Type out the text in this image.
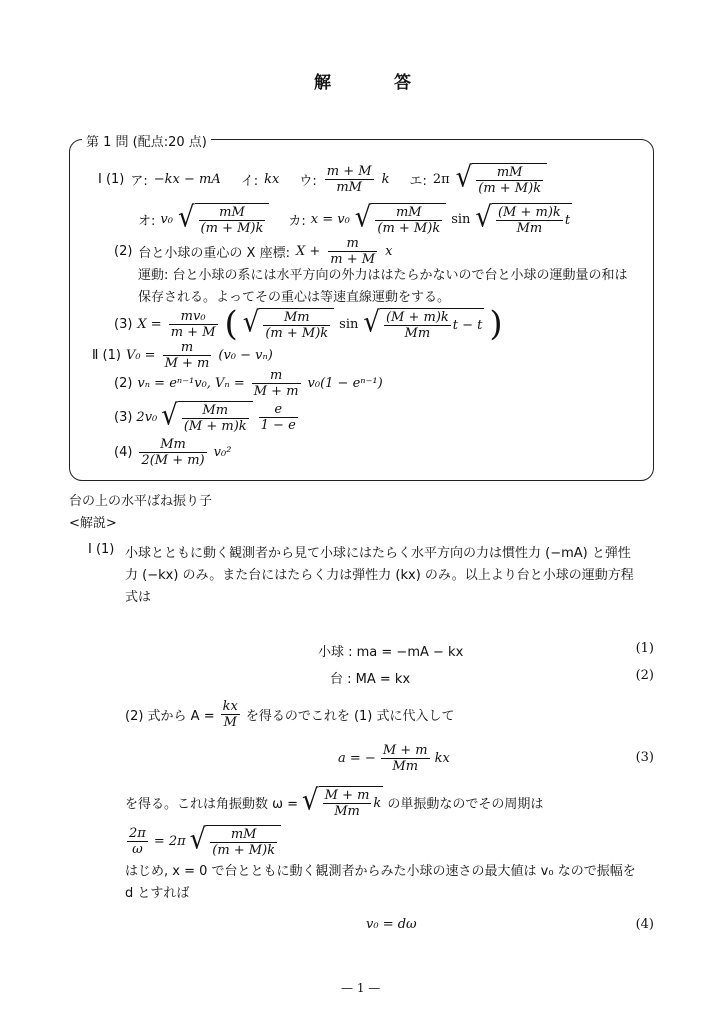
解	答
第 1 問 (配点:20 点)
Ⅰ (1) ア: −kx − mA イ: kx ウ: $\frac{m + M}{mM}$ k エ: 2π √ $\frac{mM}{(m + M)k}$
オ: v₀ √ $\frac{mM}{(m + M)k}$ カ: x = v₀ √ $\frac{mM}{(m + M)k}$ sin √ $\frac{(M + m)k}{Mm}$ t
(2) 台と小球の重心の X 座標: $X + \frac{m}{m + M}$ x
運動: 台と小球の系には水平方向の外力ははたらかないので台と小球の運動量の和は
保存される。よってその重心は等速直線運動をする。
(3) $X = \frac{\text{mv₀}}{m + M}$ ( √ $\frac{Mm}{(m + M)k}$ sin √ $\frac{(M + m)k}{Mm}$ t − t )
Ⅱ (1) $V_0 = \frac{m}{M + m} (v_0 - v_n)$
(2) vₙ = eⁿ⁻¹v₀, $V_n = \frac{m}{M + m} v_0(1 - e^{n-1})$
(3) 2v₀ √ $\frac{Mm}{(M + m)k} \frac{e}{1 - e}$
$(4) \frac{Mm}{2(M + m)} v_0^2$
台の上の水平ばね振り子
<解説>
Ⅰ (1) 小球とともに動く観測者から見て小球にはたらく水平方向の力は慣性力 (−mA) と弾性
力 (−kx) のみ。また台にはたらく力は弾性力 (kx) のみ。以上より台と小球の運動方程
式は
小球 : ma = −mA − kx	(1)
台 : MA = kx	(2)
(2) 式から $A = \frac{kx}{M}$ を得るのでこれを (1) 式に代入して
a = − $\frac{M + m}{Mm}$ kx	(3)
を得る。これは角振動数 ω = √ $\frac{M + m}{Mm}$ k の単振動なのでその周期は
$\frac{2\pi}{\omega} = 2\pi$ √ $\frac{mM}{(m + M)k}$
はじめ, x = 0 で台とともに動く観測者からみた小球の速さの最大値は v₀ なので振幅を
d とすれば
v₀ = dω	(4)
— 1 —
